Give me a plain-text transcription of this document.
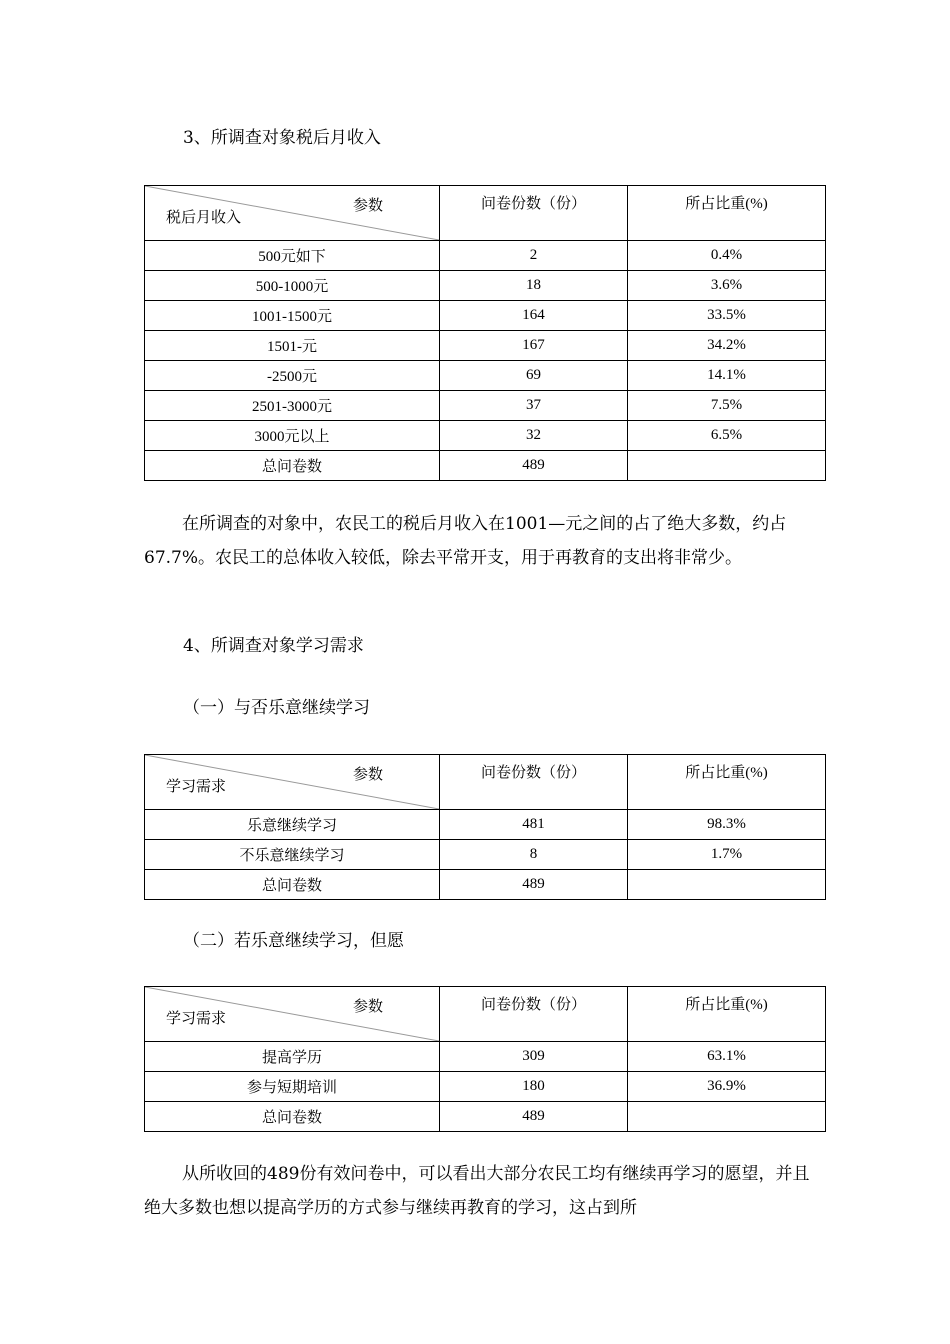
3、所调查对象税后月收入
参数
税后月收入	问卷份数（份）	所占比重(%)
500元如下	2	0.4%
500-1000元	18	3.6%
1001-1500元	164	33.5%
1501-元	167	34.2%
-2500元	69	14.1%
2501-3000元	37	7.5%
3000元以上	32	6.5%
总问卷数	489	

在所调查的对象中，农民工的税后月收入在1001—元之间的占了绝大多数，约占67.7%。农民工的总体收入较低，除去平常开支，用于再教育的支出将非常少。

4、所调查对象学习需求
（一）与否乐意继续学习
参数
学习需求	问卷份数（份）	所占比重(%)
乐意继续学习	481	98.3%
不乐意继续学习	8	1.7%
总问卷数	489	
（二）若乐意继续学习，但愿
参数
学习需求	问卷份数（份）	所占比重(%)
提高学历	309	63.1%
参与短期培训	180	36.9%
总问卷数	489	

从所收回的489份有效问卷中，可以看出大部分农民工均有继续再学习的愿望，并且绝大多数也想以提高学历的方式参与继续再教育的学习，这占到所
